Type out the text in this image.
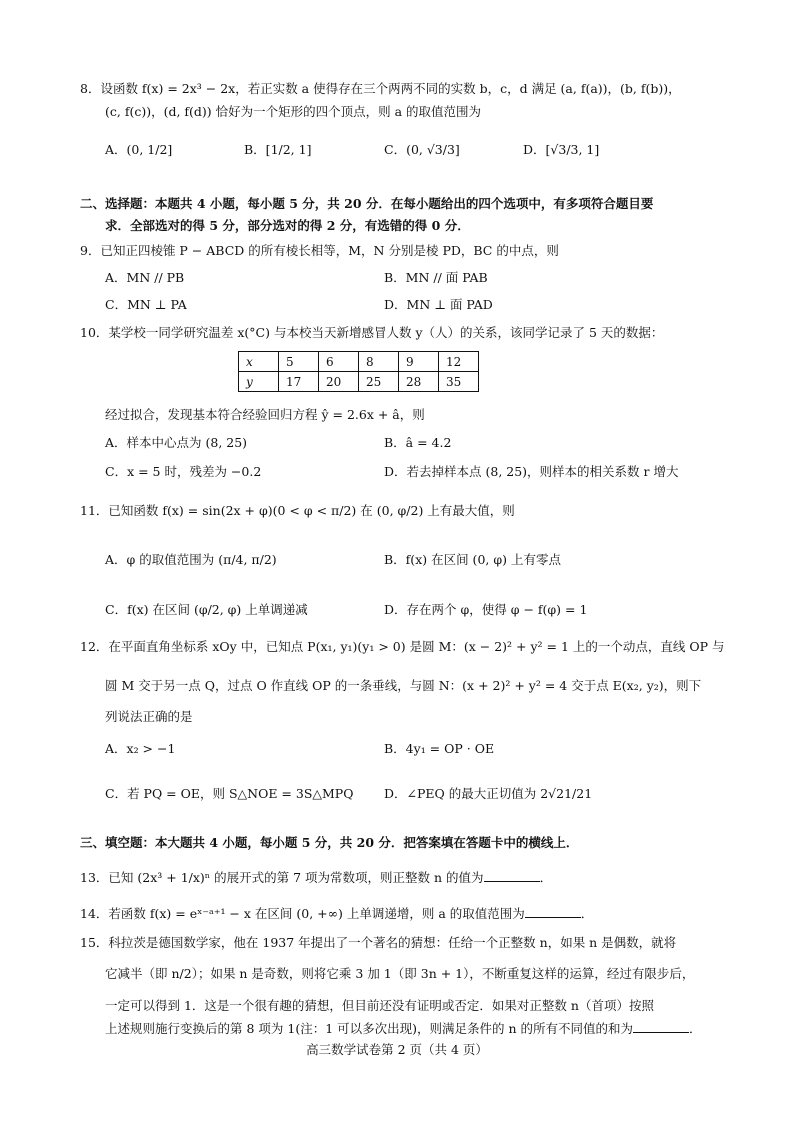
8．设函数 f(x) = 2x³ − 2x，若正实数 a 使得存在三个两两不同的实数 b，c，d 满足 (a, f(a))，(b, f(b))，
(c, f(c))，(d, f(d)) 恰好为一个矩形的四个顶点，则 a 的取值范围为
A．(0, 1/2]	B．[1/2, 1]	C．(0, √3/3]	D．[√3/3, 1]
二、选择题：本题共 4 小题，每小题 5 分，共 20 分．在每小题给出的四个选项中，有多项符合题目要
求．全部选对的得 5 分，部分选对的得 2 分，有选错的得 0 分．
9．已知正四棱锥 P − ABCD 的所有棱长相等，M，N 分别是棱 PD，BC 的中点，则
A．MN // PB	B．MN // 面 PAB
C．MN ⊥ PA	D．MN ⊥ 面 PAD
10．某学校一同学研究温差 x(°C) 与本校当天新增感冒人数 y（人）的关系，该同学记录了 5 天的数据：
x	5	6	8	9	12
y	17	20	25	28	35
经过拟合，发现基本符合经验回归方程 ŷ = 2.6x + â，则
A．样本中心点为 (8, 25)	B．â = 4.2
C．x = 5 时，残差为 −0.2	D．若去掉样本点 (8, 25)，则样本的相关系数 r 增大
11．已知函数 f(x) = sin(2x + φ)(0 < φ < π/2) 在 (0, φ/2) 上有最大值，则
A．φ 的取值范围为 (π/4, π/2)	B．f(x) 在区间 (0, φ) 上有零点
C．f(x) 在区间 (φ/2, φ) 上单调递减	D．存在两个 φ，使得 φ − f(φ) = 1
12．在平面直角坐标系 xOy 中，已知点 P(x₁, y₁)(y₁ > 0) 是圆 M：(x − 2)² + y² = 1 上的一个动点，直线 OP 与
圆 M 交于另一点 Q，过点 O 作直线 OP 的一条垂线，与圆 N：(x + 2)² + y² = 4 交于点 E(x₂, y₂)，则下
列说法正确的是
A．x₂ > −1	B．4y₁ = OP · OE
C．若 PQ = OE，则 S△NOE = 3S△MPQ D．∠PEQ 的最大正切值为 2√21/21
三、填空题：本大题共 4 小题，每小题 5 分，共 20 分．把答案填在答题卡中的横线上．
13．已知 (2x³ + 1/x)ⁿ 的展开式的第 7 项为常数项，则正整数 n 的值为	．
14．若函数 f(x) = eˣ⁻ᵃ⁺¹ − x 在区间 (0, +∞) 上单调递增，则 a 的取值范围为	．
15．科拉茨是德国数学家，他在 1937 年提出了一个著名的猜想：任给一个正整数 n，如果 n 是偶数，就将
它减半（即 n/2）；如果 n 是奇数，则将它乘 3 加 1（即 3n + 1），不断重复这样的运算，经过有限步后，
一定可以得到 1．这是一个很有趣的猜想，但目前还没有证明或否定．如果对正整数 n（首项）按照
上述规则施行变换后的第 8 项为 1(注：1 可以多次出现)，则满足条件的 n 的所有不同值的和为	．
高三数学试卷第 2 页（共 4 页）
